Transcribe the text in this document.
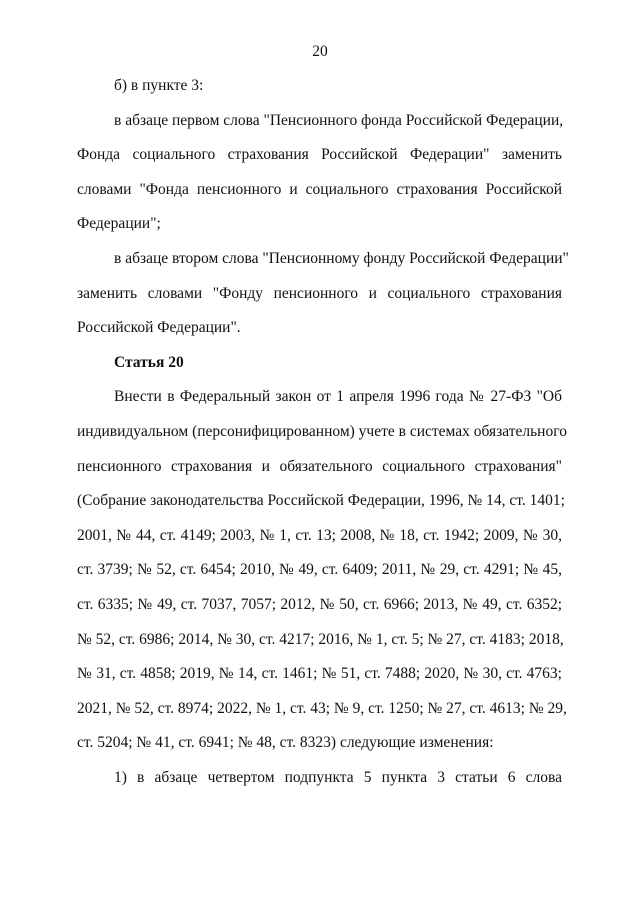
20
б) в пункте 3:
в абзаце первом слова "Пенсионного фонда Российской Федерации,
Фонда социального страхования Российской Федерации" заменить
словами "Фонда пенсионного и социального страхования Российской
Федерации";
в абзаце втором слова "Пенсионному фонду Российской Федерации"
заменить словами "Фонду пенсионного и социального страхования
Российской Федерации".
Статья 20
Внести в Федеральный закон от 1 апреля 1996 года № 27-ФЗ "Об
индивидуальном (персонифицированном) учете в системах обязательного
пенсионного страхования и обязательного социального страхования"
(Собрание законодательства Российской Федерации, 1996, № 14, ст. 1401;
2001, № 44, ст. 4149; 2003, № 1, ст. 13; 2008, № 18, ст. 1942; 2009, № 30,
ст. 3739; № 52, ст. 6454; 2010, № 49, ст. 6409; 2011, № 29, ст. 4291; № 45,
ст. 6335; № 49, ст. 7037, 7057; 2012, № 50, ст. 6966; 2013, № 49, ст. 6352;
№ 52, ст. 6986; 2014, № 30, ст. 4217; 2016, № 1, ст. 5; № 27, ст. 4183; 2018,
№ 31, ст. 4858; 2019, № 14, ст. 1461; № 51, ст. 7488; 2020, № 30, ст. 4763;
2021, № 52, ст. 8974; 2022, № 1, ст. 43; № 9, ст. 1250; № 27, ст. 4613; № 29,
ст. 5204; № 41, ст. 6941; № 48, ст. 8323) следующие изменения:
1) в абзаце четвертом подпункта 5 пункта 3 статьи 6 слова
